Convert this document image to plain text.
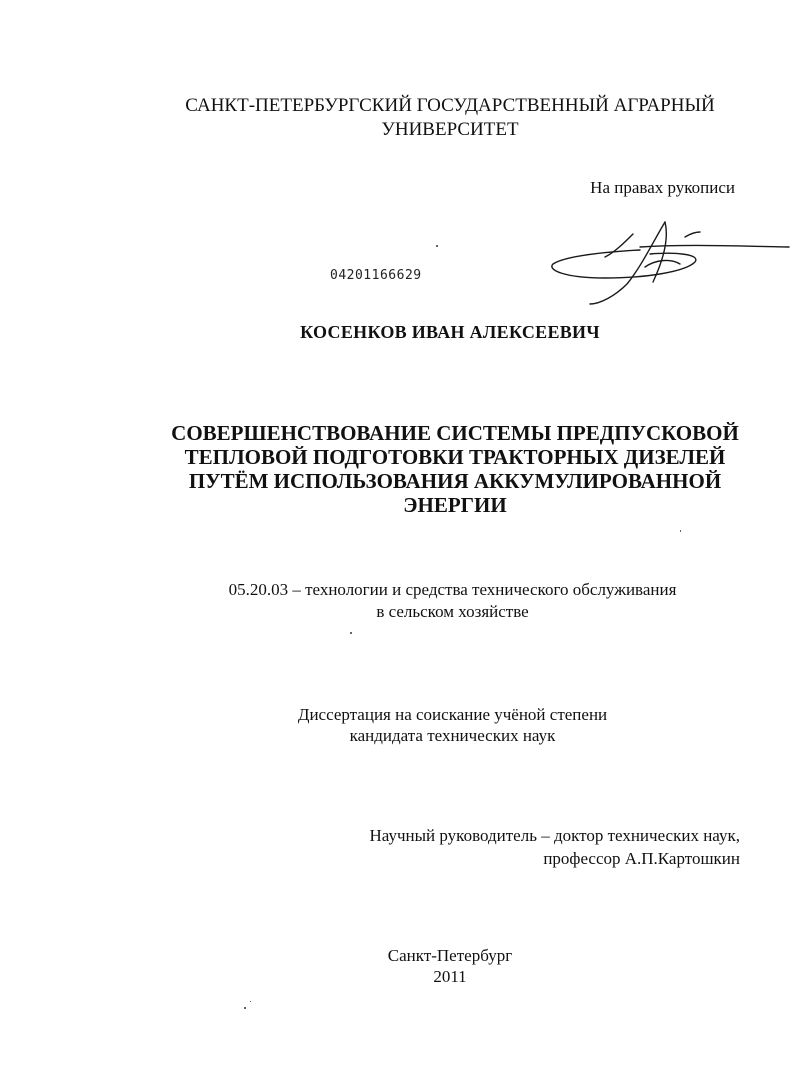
САНКТ-ПЕТЕРБУРГСКИЙ ГОСУДАРСТВЕННЫЙ АГРАРНЫЙ
УНИВЕРСИТЕТ
На правах рукописи
04201166629
КОСЕНКОВ ИВАН АЛЕКСЕЕВИЧ
СОВЕРШЕНСТВОВАНИЕ СИСТЕМЫ ПРЕДПУСКОВОЙ
ТЕПЛОВОЙ ПОДГОТОВКИ ТРАКТОРНЫХ ДИЗЕЛЕЙ
ПУТЁМ ИСПОЛЬЗОВАНИЯ АККУМУЛИРОВАННОЙ
ЭНЕРГИИ
05.20.03 – технологии и средства технического обслуживания
в сельском хозяйстве
Диссертация на соискание учёной степени
кандидата технических наук
Научный руководитель – доктор технических наук,
профессор А.П.Картошкин
Санкт-Петербург
2011
